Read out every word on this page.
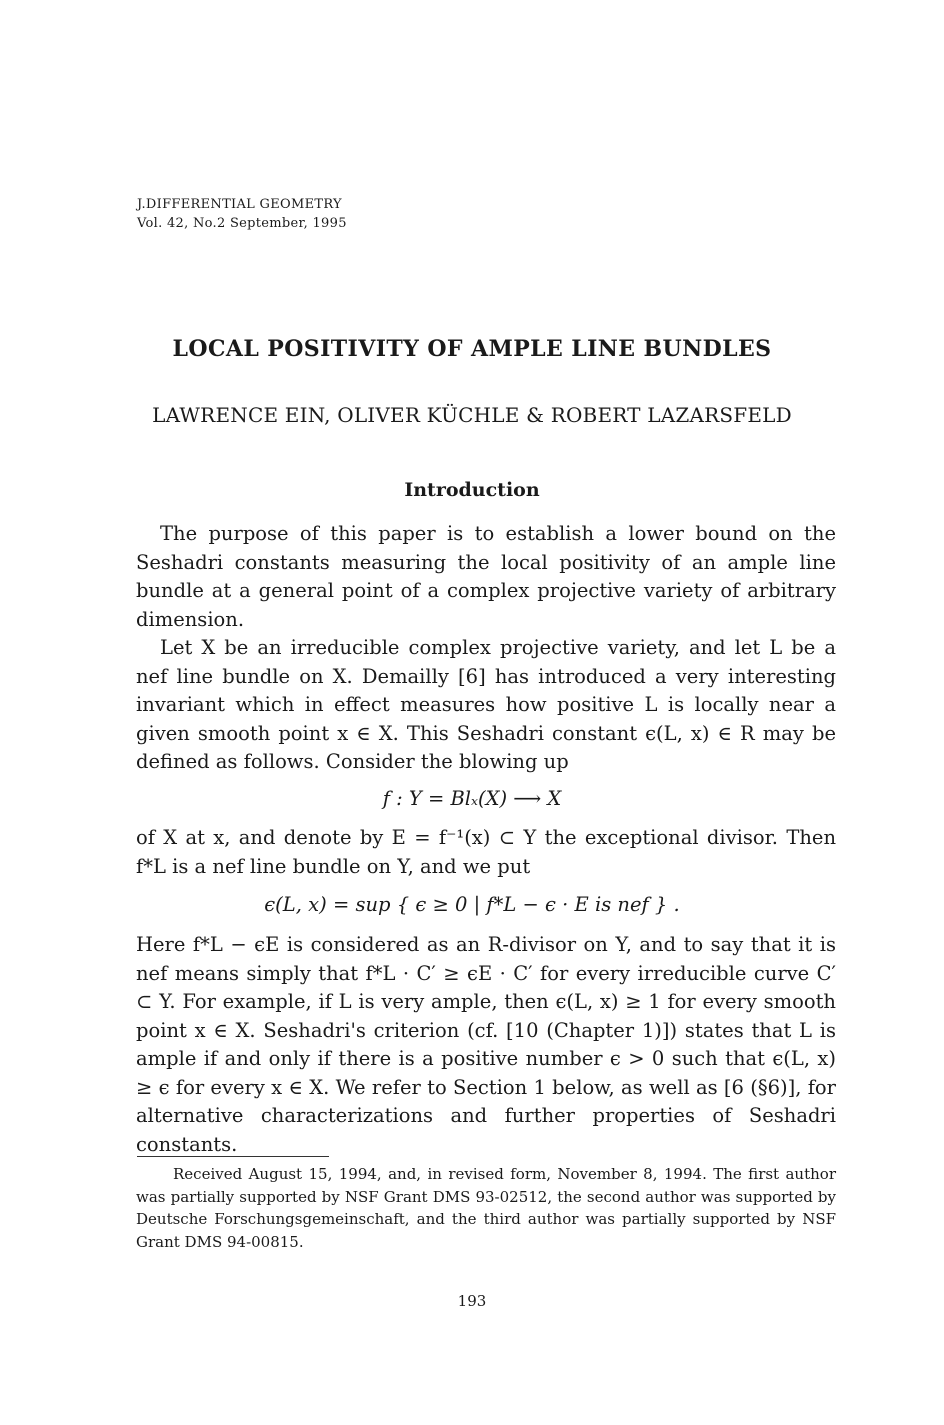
J.DIFFERENTIAL GEOMETRY
Vol. 42, No.2 September, 1995
LOCAL POSITIVITY OF AMPLE LINE BUNDLES
LAWRENCE EIN, OLIVER KÜCHLE & ROBERT LAZARSFELD
Introduction
The purpose of this paper is to establish a lower bound on the Seshadri constants measuring the local positivity of an ample line bundle at a general point of a complex projective variety of arbitrary dimension.
Let X be an irreducible complex projective variety, and let L be a nef line bundle on X. Demailly [6] has introduced a very interesting invariant which in effect measures how positive L is locally near a given smooth point x ∈ X. This Seshadri constant ϵ(L, x) ∈ R may be defined as follows. Consider the blowing up
f : Y = Blₓ(X) ⟶ X
of X at x, and denote by E = f⁻¹(x) ⊂ Y the exceptional divisor. Then f*L is a nef line bundle on Y, and we put
ϵ(L, x) = sup { ϵ ≥ 0 | f*L − ϵ · E is nef } .
Here f*L − ϵE is considered as an R-divisor on Y, and to say that it is nef means simply that f*L · C′ ≥ ϵE · C′ for every irreducible curve C′ ⊂ Y. For example, if L is very ample, then ϵ(L, x) ≥ 1 for every smooth point x ∈ X. Seshadri's criterion (cf. [10 (Chapter 1)]) states that L is ample if and only if there is a positive number ϵ > 0 such that ϵ(L, x) ≥ ϵ for every x ∈ X. We refer to Section 1 below, as well as [6 (§6)], for alternative characterizations and further properties of Seshadri constants.
Received August 15, 1994, and, in revised form, November 8, 1994. The first author was partially supported by NSF Grant DMS 93-02512, the second author was supported by Deutsche Forschungsgemeinschaft, and the third author was partially supported by NSF Grant DMS 94-00815.
193
